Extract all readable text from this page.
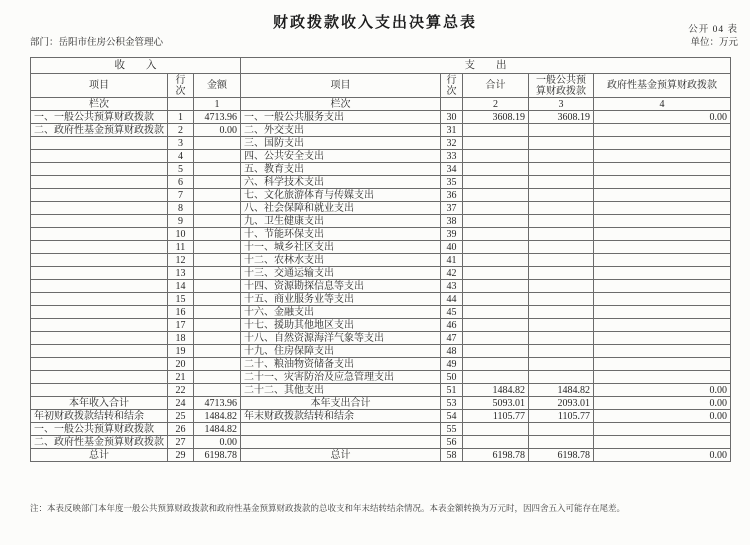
财政拨款收入支出决算总表	公开 04 表
部门：岳阳市住房公积金管理心	单位：万元
收　　入			支　　出				
项目	行次	金额	项目	行次	合计	一般公共预算财政拨款	政府性基金预算财政拨款
栏次		1	栏次		2	3	4
一、一般公共预算财政拨款	1	4713.96	一、一般公共服务支出	30	3608.19	3608.19	0.00
二、政府性基金预算财政拨款	2	0.00	二、外交支出	31			
	3		三、国防支出	32			
	4		四、公共安全支出	33			
	5		五、教育支出	34			
	6		六、科学技术支出	35			
	7		七、文化旅游体育与传媒支出	36			
	8		八、社会保障和就业支出	37			
	9		九、卫生健康支出	38			
	10		十、节能环保支出	39			
	11		十一、城乡社区支出	40			
	12		十二、农林水支出	41			
	13		十三、交通运输支出	42			
	14		十四、资源勘探信息等支出	43			
	15		十五、商业服务业等支出	44			
	16		十六、金融支出	45			
	17		十七、援助其他地区支出	46			
	18		十八、自然资源海洋气象等支出	47			
	19		十九、住房保障支出	48			
	20		二十、粮油物资储备支出	49			
	21		二十一、灾害防治及应急管理支出	50			
	22		二十二、其他支出	51	1484.82	1484.82	0.00
本年收入合计	24	4713.96	本年支出合计	53	5093.01	2093.01	0.00
年初财政拨款结转和结余	25	1484.82	年末财政拨款结转和结余	54	1105.77	1105.77	0.00
一、一般公共预算财政拨款	26	1484.82		55			
二、政府性基金预算财政拨款	27	0.00		56			
总计	29	6198.78	总计	58	6198.78	6198.78	0.00
注：本表反映部门本年度一般公共预算财政拨款和政府性基金预算财政拨款的总收支和年末结转结余情况。本表金额转换为万元时，因四舍五入可能存在尾差。
